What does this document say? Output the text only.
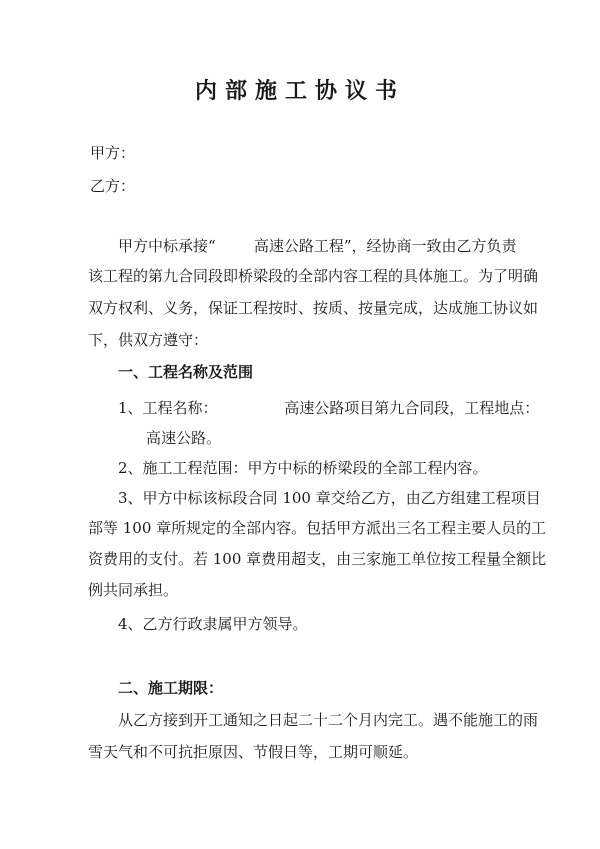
内部施工协议书
甲方：
乙方：
甲方中标承接“        高速公路工程”，经协商一致由乙方负责
该工程的第九合同段即桥梁段的全部内容工程的具体施工。为了明确
双方权利、义务，保证工程按时、按质、按量完成，达成施工协议如
下，供双方遵守：
一、工程名称及范围
1、工程名称：              高速公路项目第九合同段，工程地点：
高速公路。
2、施工工程范围：甲方中标的桥梁段的全部工程内容。
3、甲方中标该标段合同 100 章交给乙方，由乙方组建工程项目
部等 100 章所规定的全部内容。包括甲方派出三名工程主要人员的工
资费用的支付。若 100 章费用超支，由三家施工单位按工程量全额比
例共同承担。
4、乙方行政隶属甲方领导。
二、施工期限：
从乙方接到开工通知之日起二十二个月内完工。遇不能施工的雨
雪天气和不可抗拒原因、节假日等，工期可顺延。
